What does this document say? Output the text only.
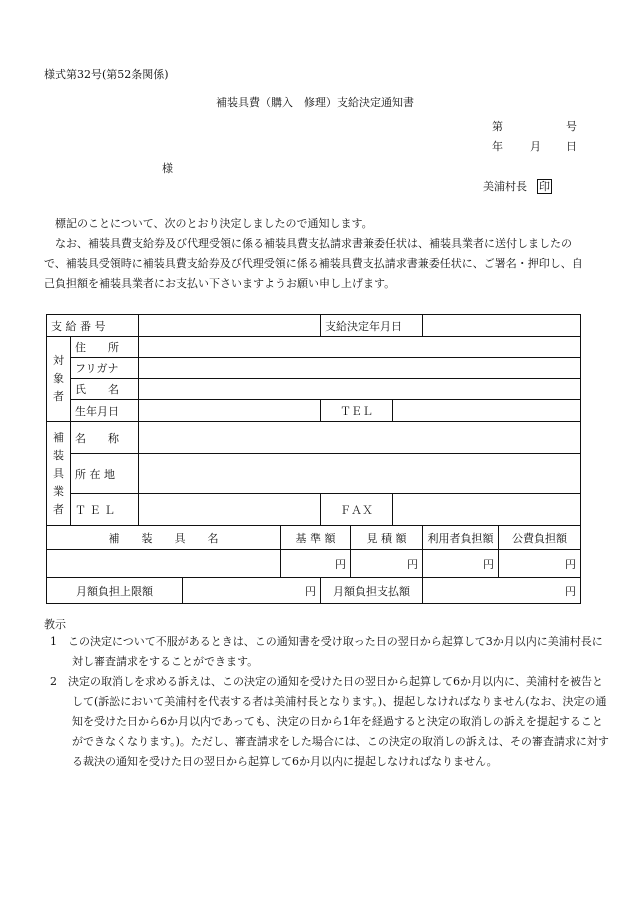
様式第32号(第52条関係)
補装具費（購入　修理）支給決定通知書
第	号
年 月 日
様
美浦村長 印
標記のことについて、次のとおり決定しましたので通知します。
なお、補装具費支給券及び代理受領に係る補装具費支払請求書兼委任状は、補装具業者に送付しましたので、補装具受領時に補装具費支給券及び代理受領に係る補装具費支払請求書兼委任状に、ご署名・押印し、自己負担額を補装具業者にお支払い下さいますようお願い申し上げます。
支 給 番 号					支給決定年月日				

対
象
者	住　　所								
	フリガナ								
	氏　　名								
	生年月日				ＴＥＬ				

補
装
具
業
者	名　　称								
	所 在 地								
	Ｔ Ｅ Ｌ				ＦＡＸ				
補　　装　　具　　名				基 準 額		見 積 額		利用者負担額	公費負担額
				円		円		円	円
月額負担上限額			円		月額負担支払額			円	
教示
1　この決定について不服があるときは、この通知書を受け取った日の翌日から起算して3か月以内に美浦村長に対し審査請求をすることができます。
2　決定の取消しを求める訴えは、この決定の通知を受けた日の翌日から起算して6か月以内に、美浦村を被告として(訴訟において美浦村を代表する者は美浦村長となります。)、提起しなければなりません(なお、決定の通知を受けた日から6か月以内であっても、決定の日から1年を経過すると決定の取消しの訴えを提起することができなくなります。)。ただし、審査請求をした場合には、この決定の取消しの訴えは、その審査請求に対する裁決の通知を受けた日の翌日から起算して6か月以内に提起しなければなりません。
